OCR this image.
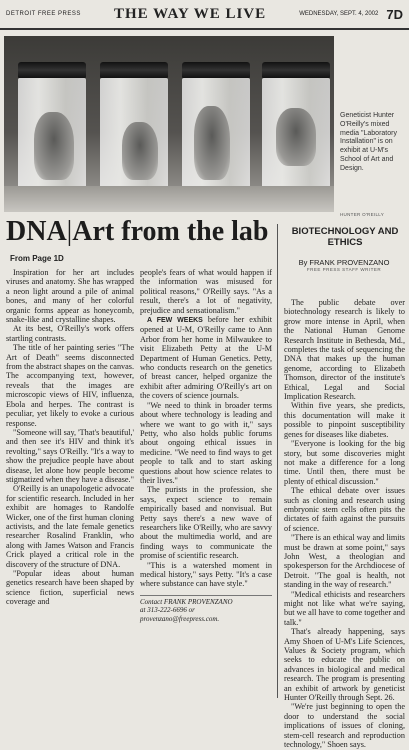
DETROIT FREE PRESS THE WAY WE LIVE	WEDNESDAY, SEPT. 4, 2002 7D
Geneticist Hunter O'Reilly's mixed media "Laboratory Installation" is on exhibit at U-M's School of Art and Design.
HUNTER O'REILLY
DNA|Art from the lab
From Page 1D
BIOTECHNOLOGY AND ETHICS
By FRANK PROVENZANO
FREE PRESS STAFF WRITER

Inspiration for her art includes viruses and anatomy. She has wrapped a neon light around a pile of animal bones, and many of her colorful organic forms appear as honeycomb, snake-like and crystalline shapes.

At its best, O'Reilly's work offers startling contrasts.

The title of her painting series "The Art of Death" seems disconnected from the abstract shapes on the canvas. The accompanying text, however, reveals that the images are microscopic views of HIV, influenza, Ebola and herpes. The contrast is peculiar, yet likely to evoke a curious response.

"Someone will say, 'That's beautiful,' and then see it's HIV and think it's revolting," says O'Reilly. "It's a way to show the prejudice people have about disease, let alone how people become stigmatized when they have a disease."

O'Reilly is an unapologetic advocate for scientific research. Included in her exhibit are homages to Randolfe Wicker, one of the first human cloning activists, and the late female genetics researcher Rosalind Franklin, who along with James Watson and Francis Crick played a critical role in the discovery of the structure of DNA.

"Popular ideas about human genetics research have been shaped by science fiction, superficial news coverage and

people's fears of what would happen if the information was misused for political reasons," O'Reilly says. "As a result, there's a lot of negativity, prejudice and sensationalism."

A FEW WEEKS before her exhibit opened at U-M, O'Reilly came to Ann Arbor from her home in Milwaukee to visit Elizabeth Petty at the U-M Department of Human Genetics. Petty, who conducts research on the genetics of breast cancer, helped organize the exhibit after admiring O'Reilly's art on the covers of science journals.

"We need to think in broader terms about where technology is leading and where we want to go with it," says Petty, who also holds public forums about ongoing ethical issues in medicine. "We need to find ways to get people to talk and to start asking questions about how science relates to their lives."

The purists in the profession, she says, expect science to remain empirically based and nonvisual. But Petty says there's a new wave of researchers like O'Reilly, who are savvy about the multimedia world, and are finding ways to communicate the promise of scientific research.

"This is a watershed moment in medical history," says Petty. "It's a case where substance can have style."

Contact FRANK PROVENZANO
at 313-222-6696 or
provenzano@freepress.com.

The public debate over biotechnology research is likely to grow more intense in April, when the National Human Genome Research Institute in Bethesda, Md., completes the task of sequencing the DNA that makes up the human genome, according to Elizabeth Thomson, director of the institute's Ethical, Legal and Social Implication Research.

Within five years, she predicts, this documentation will make it possible to pinpoint susceptibility genes for diseases like diabetes.

"Everyone is looking for the big story, but some discoveries might not make a difference for a long time. Until then, there must be plenty of ethical discussion."

The ethical debate over issues such as cloning and research using embryonic stem cells often pits the dictates of faith against the pursuits of science.

"There is an ethical way and limits must be drawn at some point," says John West, a theologian and spokesperson for the Archdiocese of Detroit. "The goal is health, not standing in the way of research."

"Medical ethicists and researchers might not like what we're saying, but we all have to come together and talk."

That's already happening, says Amy Shoen of U-M's Life Sciences, Values & Society program, which seeks to educate the public on advances in biological and medical research. The program is presenting an exhibit of artwork by geneticist Hunter O'Reilly through Sept. 26.

"We're just beginning to open the door to understand the social implications of issues of cloning, stem-cell research and reproduction technology," Shoen says.
